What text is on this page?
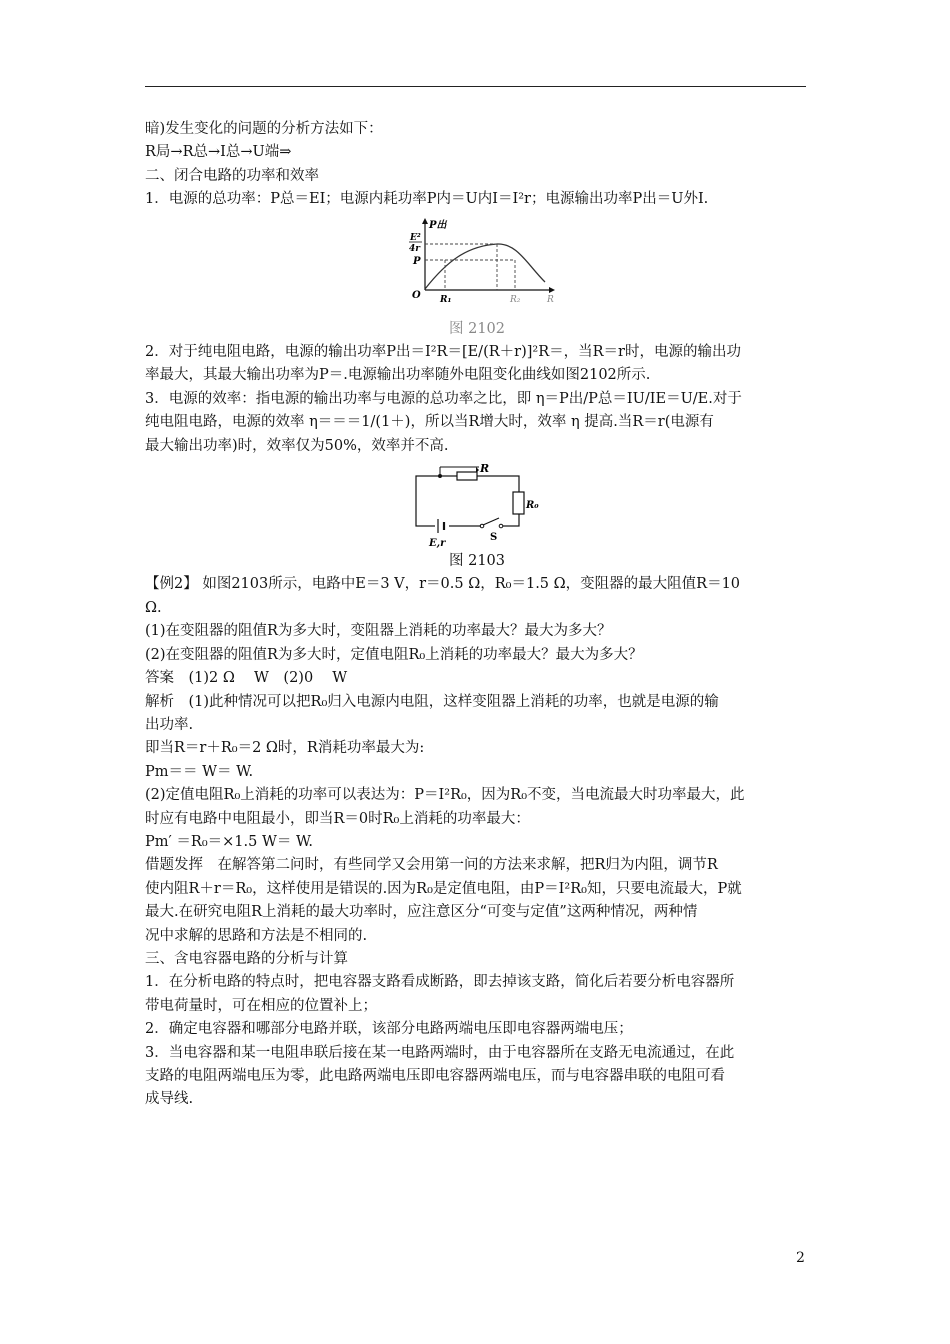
暗)发生变化的问题的分析方法如下：
R局→R总→I总→U端⇒
二、闭合电路的功率和效率
1．电源的总功率：P总＝EI；电源内耗功率P内＝U内I＝I²r；电源输出功率P出＝U外I.
P出
E²
4r
P
O R₁	R₂	R
图 2102
2．对于纯电阻电路，电源的输出功率P出＝I²R＝[E/(R＋r)]²R＝，当R＝r时，电源的输出功
率最大，其最大输出功率为P＝.电源输出功率随外电阻变化曲线如图2102所示.
3．电源的效率：指电源的输出功率与电源的总功率之比，即 η＝P出/P总＝IU/IE＝U/E.对于
纯电阻电路，电源的效率 η＝＝＝1/(1＋)，所以当R增大时，效率 η 提高.当R＝r(电源有
最大输出功率)时，效率仅为50%，效率并不高.
R
R₀
E,r
S
图 2103
【例2】 如图2103所示，电路中E＝3 V，r＝0.5 Ω，R₀＝1.5 Ω，变阻器的最大阻值R＝10
Ω.
(1)在变阻器的阻值R为多大时，变阻器上消耗的功率最大？最大为多大？
(2)在变阻器的阻值R为多大时，定值电阻R₀上消耗的功率最大？最大为多大？
答案　(1)2 Ω　 W　(2)0　 W
解析　(1)此种情况可以把R₀归入电源内电阻，这样变阻器上消耗的功率，也就是电源的输
出功率.
即当R＝r＋R₀＝2 Ω时，R消耗功率最大为:
Pm＝＝ W＝ W.
(2)定值电阻R₀上消耗的功率可以表达为：P＝I²R₀，因为R₀不变，当电流最大时功率最大，此
时应有电路中电阻最小，即当R＝0时R₀上消耗的功率最大：
Pm′ ＝R₀＝×1.5 W＝ W.
借题发挥　在解答第二问时，有些同学又会用第一问的方法来求解，把R归为内阻，调节R
使内阻R＋r＝R₀，这样使用是错误的.因为R₀是定值电阻，由P＝I²R₀知，只要电流最大，P就
最大.在研究电阻R上消耗的最大功率时，应注意区分“可变与定值”这两种情况，两种情
况中求解的思路和方法是不相同的.
三、含电容器电路的分析与计算
1．在分析电路的特点时，把电容器支路看成断路，即去掉该支路，简化后若要分析电容器所
带电荷量时，可在相应的位置补上；
2．确定电容器和哪部分电路并联，该部分电路两端电压即电容器两端电压；
3．当电容器和某一电阻串联后接在某一电路两端时，由于电容器所在支路无电流通过，在此
支路的电阻两端电压为零，此电路两端电压即电容器两端电压，而与电容器串联的电阻可看
成导线.
2
